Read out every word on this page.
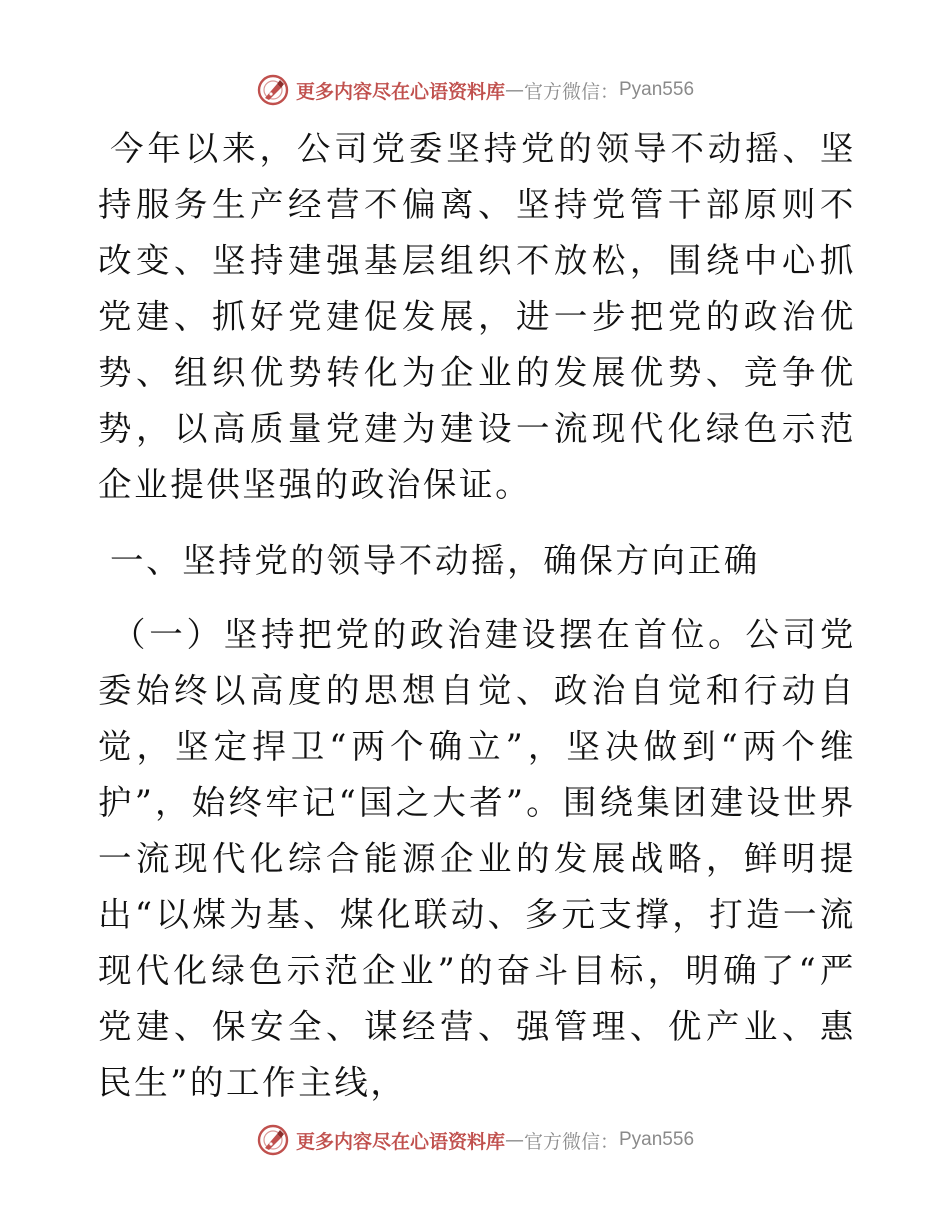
更多内容尽在心语资料库 — 官方微信： Pyan556

今年以来，公司党委坚持党的领导不动摇、坚持服务生产经营不偏离、坚持党管干部原则不改变、坚持建强基层组织不放松，围绕中心抓党建、抓好党建促发展，进一步把党的政治优势、组织优势转化为企业的发展优势、竞争优势，以高质量党建为建设一流现代化绿色示范企业提供坚强的政治保证。

一、坚持党的领导不动摇，确保方向正确

（一）坚持把党的政治建设摆在首位。公司党委始终以高度的思想自觉、政治自觉和行动自觉，坚定捍卫“两个确立”，坚决做到“两个维护”，始终牢记“国之大者”。围绕集团建设世界一流现代化综合能源企业的发展战略，鲜明提出“以煤为基、煤化联动、多元支撑，打造一流现代化绿色示范企业”的奋斗目标，明确了“严党建、保安全、谋经营、强管理、优产业、惠民生”的工作主线，

更多内容尽在心语资料库 — 官方微信： Pyan556
